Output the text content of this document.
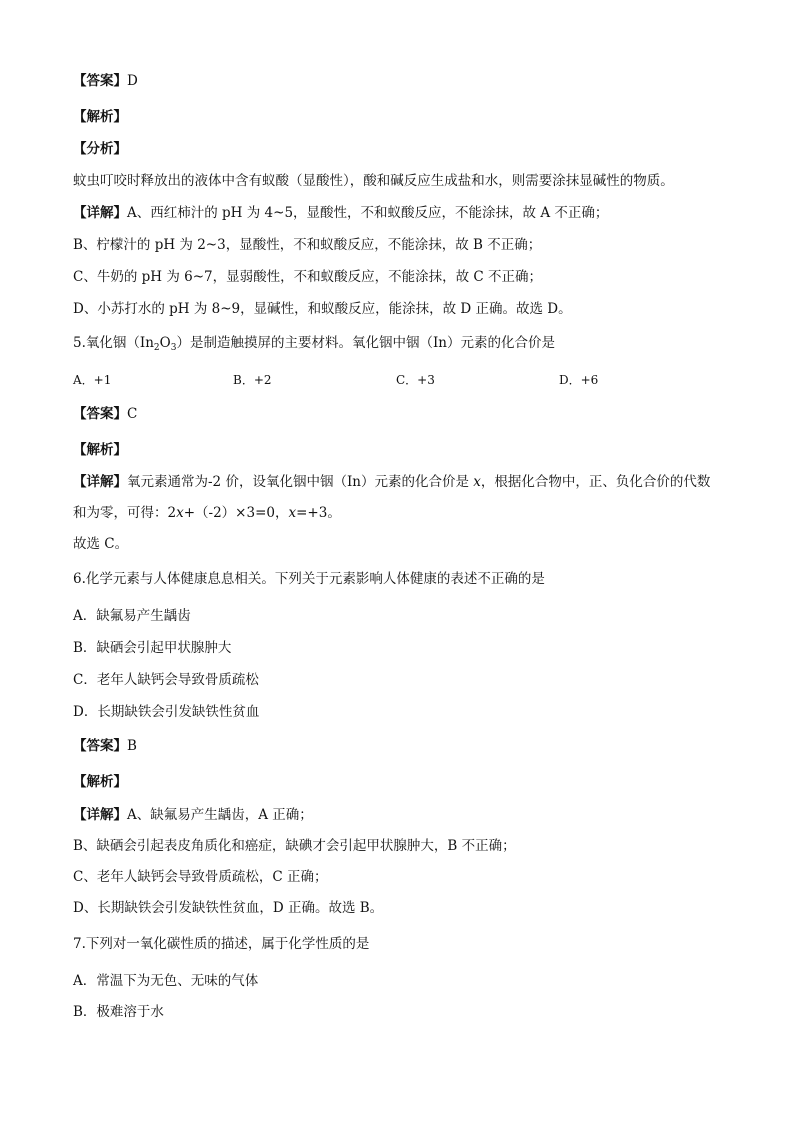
【答案】D
【解析】
【分析】
蚊虫叮咬时释放出的液体中含有蚁酸（显酸性），酸和碱反应生成盐和水，则需要涂抹显碱性的物质。
【详解】A、西红柿汁的 pH 为 4~5，显酸性，不和蚁酸反应，不能涂抹，故 A 不正确；
B、柠檬汁的 pH 为 2~3，显酸性，不和蚁酸反应，不能涂抹，故 B 不正确；
C、牛奶的 pH 为 6~7，显弱酸性，不和蚁酸反应，不能涂抹，故 C 不正确；
D、小苏打水的 pH 为 8~9，显碱性，和蚁酸反应，能涂抹，故 D 正确。故选 D。
5.氧化铟$(In_2O_3)$是制造触摸屏的主要材料。氧化铟中铟（In）元素的化合价是
A．+1	B．+2	C．+3	D．+6
【答案】C
【解析】
【详解】氧元素通常为-2 价，设氧化铟中铟（In）元素的化合价是 x，根据化合物中，正、负化合价的代数
和为零，可得：2x+（-2）×3=0，x=+3。
故选 C。
6.化学元素与人体健康息息相关。下列关于元素影响人体健康的表述不正确的是
A．缺氟易产生龋齿
B．缺硒会引起甲状腺肿大
C．老年人缺钙会导致骨质疏松
D．长期缺铁会引发缺铁性贫血
【答案】B
【解析】
【详解】A、缺氟易产生龋齿，A 正确；
B、缺硒会引起表皮角质化和癌症，缺碘才会引起甲状腺肿大，B 不正确；
C、老年人缺钙会导致骨质疏松，C 正确；
D、长期缺铁会引发缺铁性贫血，D 正确。故选 B。
7.下列对一氧化碳性质的描述，属于化学性质的是
A．常温下为无色、无味的气体
B．极难溶于水
